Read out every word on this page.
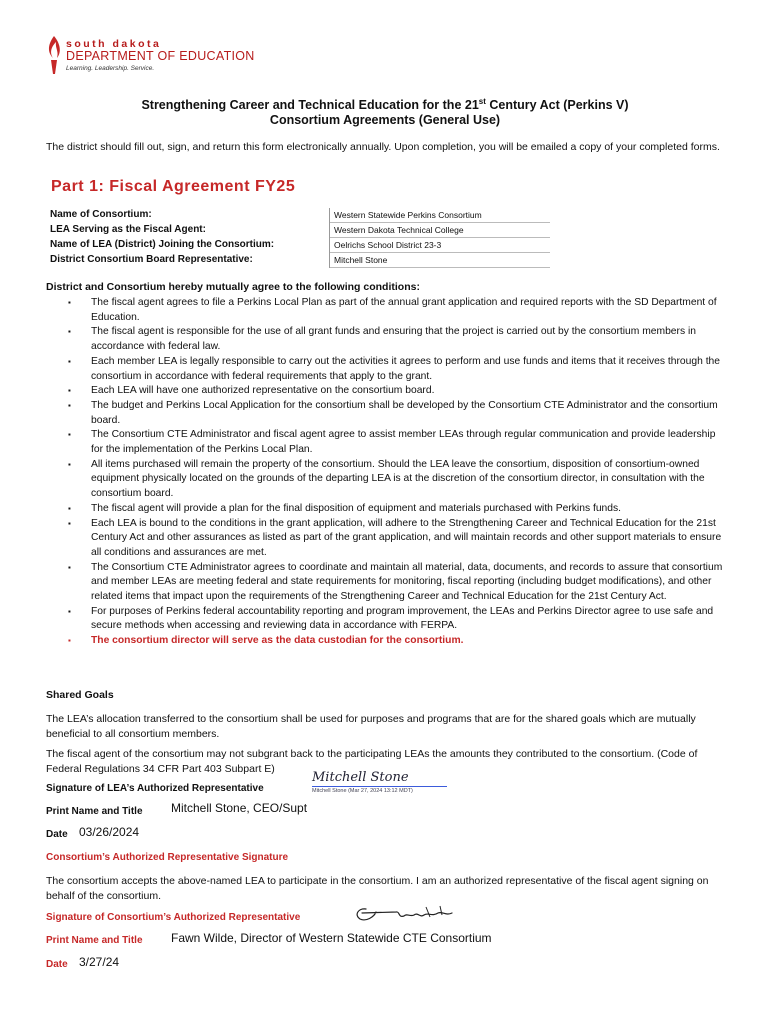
south dakota
DEPARTMENT OF EDUCATION
Learning. Leadership. Service.
Strengthening Career and Technical Education for the 21st Century Act (Perkins V)
Consortium Agreements (General Use)
The district should fill out, sign, and return this form electronically annually. Upon completion, you will be emailed a copy of your completed forms.
Part 1: Fiscal Agreement FY25
Name of Consortium:	Western Statewide Perkins Consortium
LEA Serving as the Fiscal Agent:	Western Dakota Technical College
Name of LEA (District) Joining the Consortium:	Oelrichs School District 23-3
District Consortium Board Representative:	Mitchell Stone
District and Consortium hereby mutually agree to the following conditions:
▪ The fiscal agent agrees to file a Perkins Local Plan as part of the annual grant application and required reports with the SD Department of Education.
▪ The fiscal agent is responsible for the use of all grant funds and ensuring that the project is carried out by the consortium members in accordance with federal law.
▪ Each member LEA is legally responsible to carry out the activities it agrees to perform and use funds and items that it receives through the consortium in accordance with federal requirements that apply to the grant.
▪ Each LEA will have one authorized representative on the consortium board.
▪ The budget and Perkins Local Application for the consortium shall be developed by the Consortium CTE Administrator and the consortium board.
▪ The Consortium CTE Administrator and fiscal agent agree to assist member LEAs through regular communication and provide leadership for the implementation of the Perkins Local Plan.
▪ All items purchased will remain the property of the consortium. Should the LEA leave the consortium, disposition of consortium-owned equipment physically located on the grounds of the departing LEA is at the discretion of the consortium director, in consultation with the consortium board.
▪ The fiscal agent will provide a plan for the final disposition of equipment and materials purchased with Perkins funds.
▪ Each LEA is bound to the conditions in the grant application, will adhere to the Strengthening Career and Technical Education for the 21st Century Act and other assurances as listed as part of the grant application, and will maintain records and other support materials to ensure all conditions and assurances are met.
▪ The Consortium CTE Administrator agrees to coordinate and maintain all material, data, documents, and records to assure that consortium and member LEAs are meeting federal and state requirements for monitoring, fiscal reporting (including budget modifications), and other related items that impact upon the requirements of the Strengthening Career and Technical Education for the 21st Century Act.
▪ For purposes of Perkins federal accountability reporting and program improvement, the LEAs and Perkins Director agree to use safe and secure methods when accessing and reviewing data in accordance with FERPA.
▪ The consortium director will serve as the data custodian for the consortium.
Shared Goals
The LEA’s allocation transferred to the consortium shall be used for purposes and programs that are for the shared goals which are mutually beneficial to all consortium members.
The fiscal agent of the consortium may not subgrant back to the participating LEAs the amounts they contributed to the consortium. (Code of Federal Regulations 34 CFR Part 403 Subpart E)
Signature of LEA’s Authorized Representative
Mitchell Stone
Mitchell Stone (Mar 27, 2024 13:12 MDT)
Print Name and Title Mitchell Stone, CEO/Supt
Date 03/26/2024
Consortium’s Authorized Representative Signature
The consortium accepts the above-named LEA to participate in the consortium. I am an authorized representative of the fiscal agent signing on behalf of the consortium.
Signature of Consortium’s Authorized Representative
Print Name and Title Fawn Wilde, Director of Western Statewide CTE Consortium
Date 3/27/24
